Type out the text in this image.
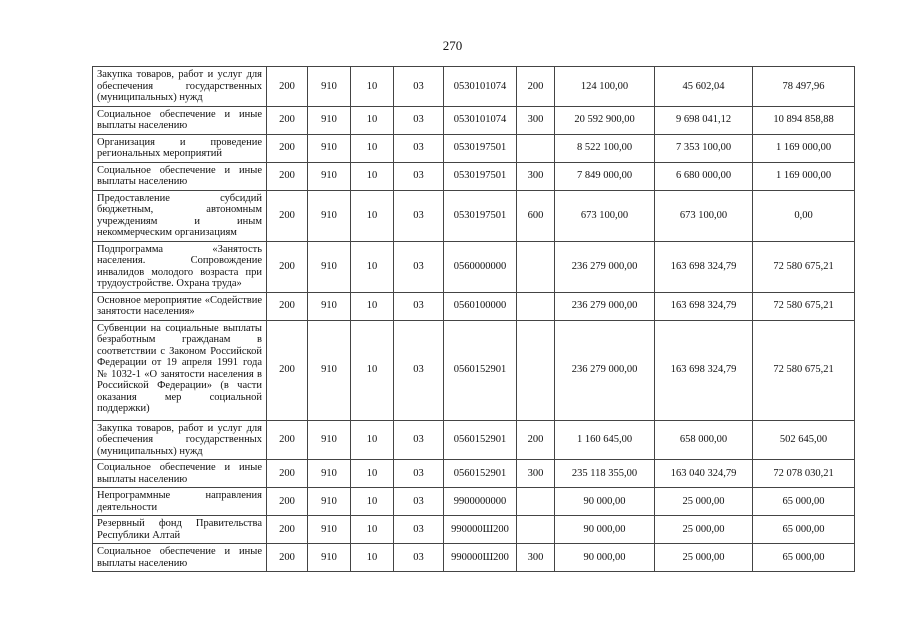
270
Закупка товаров, работ и услуг для обеспечения государственных (муниципальных) нужд	200	910	10	03	0530101074	200	124 100,00	45 602,04	78 497,96
Социальное обеспечение и иные выплаты населению	200	910	10	03	0530101074	300	20 592 900,00	9 698 041,12	10 894 858,88
Организация и проведение региональных мероприятий	200	910	10	03	0530197501		8 522 100,00	7 353 100,00	1 169 000,00
Социальное обеспечение и иные выплаты населению	200	910	10	03	0530197501	300	7 849 000,00	6 680 000,00	1 169 000,00
Предоставление субсидий бюджетным, автономным учреждениям и иным некоммерческим организациям	200	910	10	03	0530197501	600	673 100,00	673 100,00	0,00
Подпрограмма «Занятость населения. Сопровождение инвалидов молодого возраста при трудоустройстве. Охрана труда»	200	910	10	03	0560000000		236 279 000,00	163 698 324,79	72 580 675,21
Основное мероприятие «Содействие занятости населения»	200	910	10	03	0560100000		236 279 000,00	163 698 324,79	72 580 675,21
Субвенции на социальные выплаты безработным гражданам в соответствии с Законом Российской Федерации от 19 апреля 1991 года № 1032-1 «О занятости населения в Российской Федерации» (в части оказания мер социальной поддержки)	200	910	10	03	0560152901		236 279 000,00	163 698 324,79	72 580 675,21
Закупка товаров, работ и услуг для обеспечения государственных (муниципальных) нужд	200	910	10	03	0560152901	200	1 160 645,00	658 000,00	502 645,00
Социальное обеспечение и иные выплаты населению	200	910	10	03	0560152901	300	235 118 355,00	163 040 324,79	72 078 030,21
Непрограммные направления деятельности	200	910	10	03	9900000000		90 000,00	25 000,00	65 000,00
Резервный фонд Правительства Республики Алтай	200	910	10	03	990000Ш200		90 000,00	25 000,00	65 000,00
Социальное обеспечение и иные выплаты населению	200	910	10	03	990000Ш200	300	90 000,00	25 000,00	65 000,00
